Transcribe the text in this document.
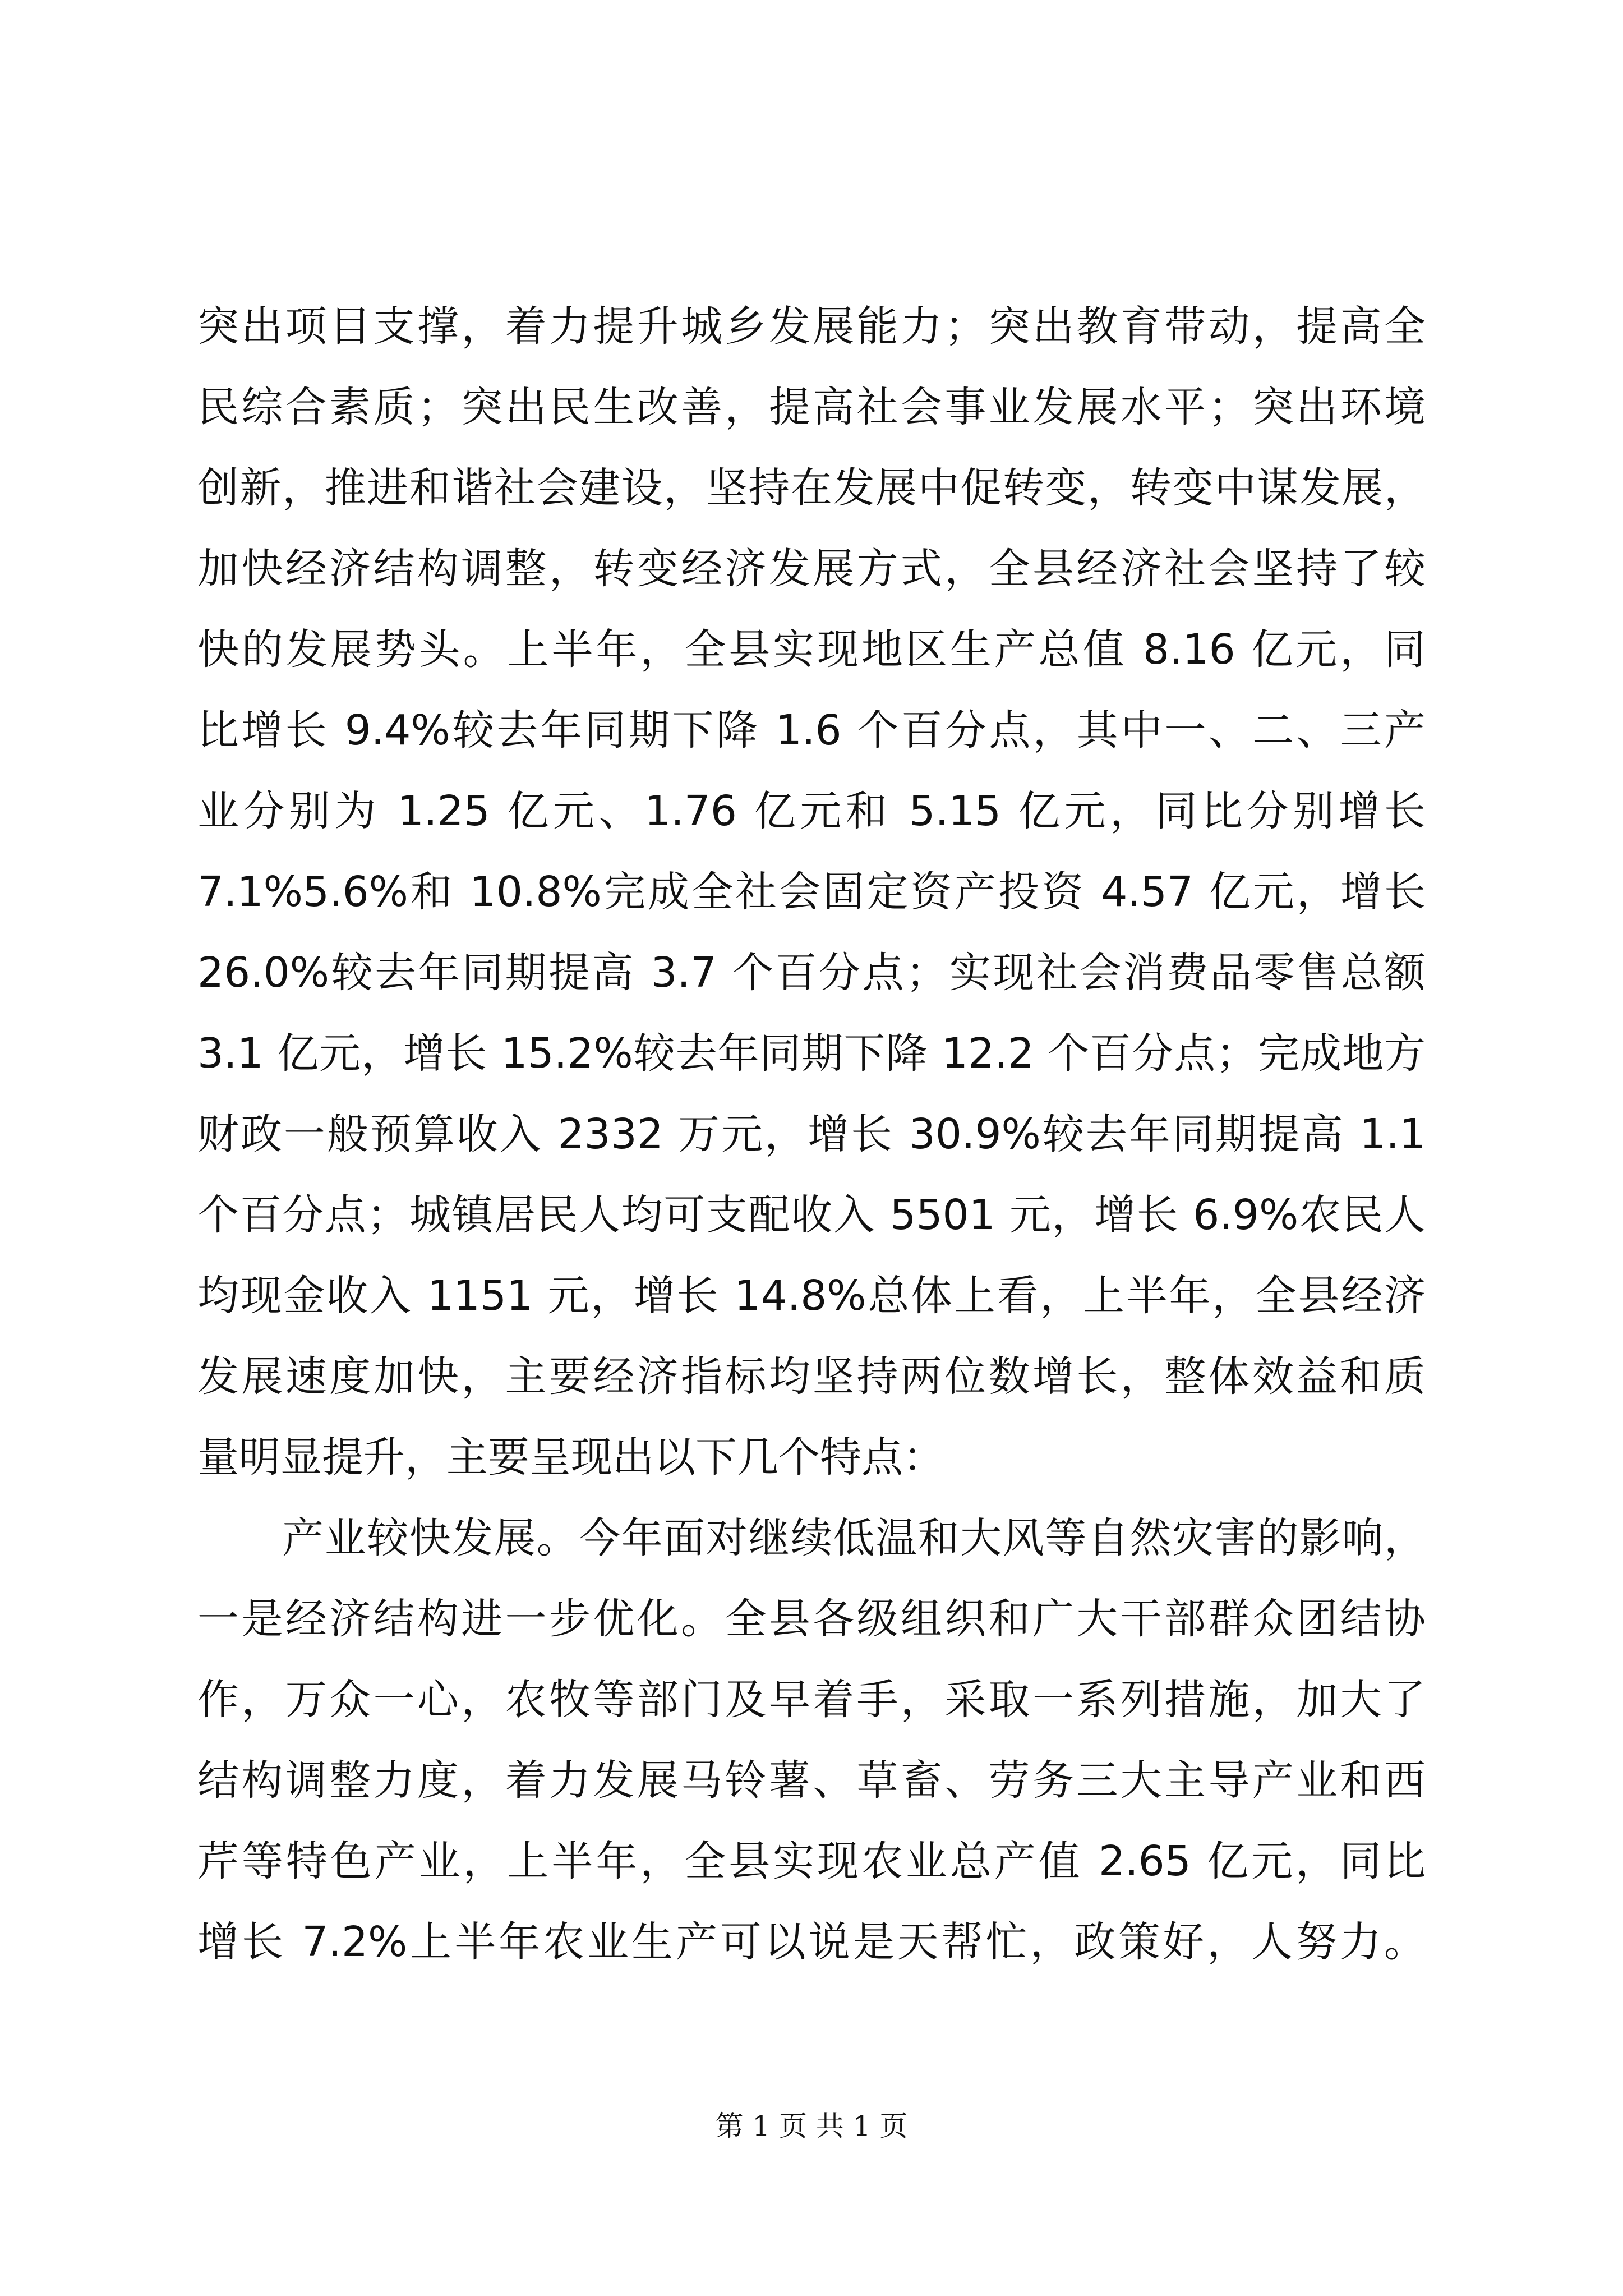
突出项目支撑，着力提升城乡发展能力；突出教育带动，提高全
民综合素质；突出民生改善，提高社会事业发展水平；突出环境
创新，推进和谐社会建设，坚持在发展中促转变，转变中谋发展，
加快经济结构调整，转变经济发展方式，全县经济社会坚持了较
快的发展势头。上半年，全县实现地区生产总值 8.16 亿元，同
比增长 9.4%较去年同期下降 1.6 个百分点，其中一、二、三产
业分别为 1.25 亿元、1.76 亿元和 5.15 亿元，同比分别增长
7.1%5.6%和 10.8%完成全社会固定资产投资 4.57 亿元，增长
26.0%较去年同期提高 3.7 个百分点；实现社会消费品零售总额
3.1 亿元，增长 15.2%较去年同期下降 12.2 个百分点；完成地方
财政一般预算收入 2332 万元，增长 30.9%较去年同期提高 1.1
个百分点；城镇居民人均可支配收入 5501 元，增长 6.9%农民人
均现金收入 1151 元，增长 14.8%总体上看，上半年，全县经济
发展速度加快，主要经济指标均坚持两位数增长，整体效益和质
量明显提升，主要呈现出以下几个特点：
　　产业较快发展。今年面对继续低温和大风等自然灾害的影响，
一是经济结构进一步优化。全县各级组织和广大干部群众团结协
作，万众一心，农牧等部门及早着手，采取一系列措施，加大了
结构调整力度，着力发展马铃薯、草畜、劳务三大主导产业和西
芹等特色产业，上半年，全县实现农业总产值 2.65 亿元，同比
增长 7.2%上半年农业生产可以说是天帮忙，政策好，人努力。
第 1 页 共 1 页
